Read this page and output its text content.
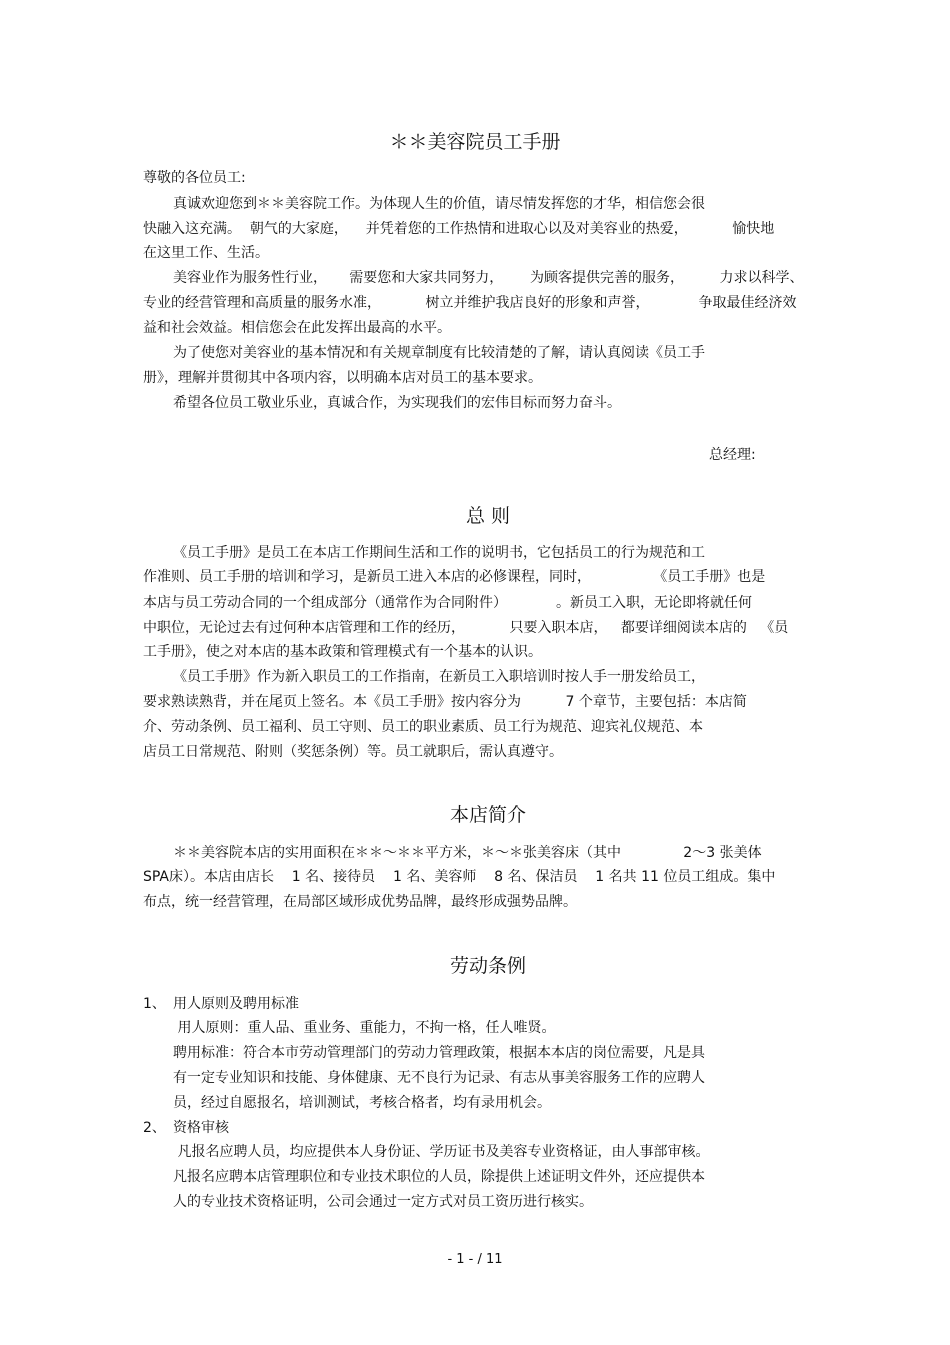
＊＊美容院员工手册
尊敬的各位员工:
真诚欢迎您到＊＊美容院工作。为体现人生的价值，请尽情发挥您的才华，相信您会很
快融入这充满。  朝气的大家庭，    并凭着您的工作热情和进取心以及对美容业的热爱，          愉快地
在这里工作、生活。
美容业作为服务性行业，     需要您和大家共同努力，      为顾客提供完善的服务，        力求以科学、
专业的经营管理和高质量的服务水准，          树立并维护我店良好的形象和声誉，           争取最佳经济效
益和社会效益。相信您会在此发挥出最高的水平。
为了使您对美容业的基本情况和有关规章制度有比较清楚的了解，请认真阅读《员工手
册》，理解并贯彻其中各项内容，以明确本店对员工的基本要求。
希望各位员工敬业乐业，真诚合作，为实现我们的宏伟目标而努力奋斗。
总经理:
总 则
《员工手册》是员工在本店工作期间生活和工作的说明书，它包括员工的行为规范和工
作准则、员工手册的培训和学习，是新员工进入本店的必修课程，同时，              《员工手册》也是
本店与员工劳动合同的一个组成部分（通常作为合同附件）           。新员工入职，无论即将就任何
中职位，无论过去有过何种本店管理和工作的经历，          只要入职本店，   都要详细阅读本店的   《员
工手册》，使之对本店的基本政策和管理模式有一个基本的认识。
《员工手册》作为新入职员工的工作指南，在新员工入职培训时按人手一册发给员工，
要求熟读熟背，并在尾页上签名。本《员工手册》按内容分为          7 个章节，主要包括：本店简
介、劳动条例、员工福利、员工守则、员工的职业素质、员工行为规范、迎宾礼仪规范、本
店员工日常规范、附则（奖惩条例）等。员工就职后，需认真遵守。
本店简介
＊＊美容院本店的实用面积在＊＊～＊＊平方米，＊～＊张美容床（其中              2～3 张美体
SPA床）。本店由店长    1 名、接待员    1 名、美容师    8 名、保洁员    1 名共 11 位员工组成。集中
布点，统一经营管理，在局部区域形成优势品牌，最终形成强势品牌。
劳动条例
1、 用人原则及聘用标准
用人原则：重人品、重业务、重能力，不拘一格，任人唯贤。
聘用标准：符合本市劳动管理部门的劳动力管理政策，根据本本店的岗位需要，凡是具
有一定专业知识和技能、身体健康、无不良行为记录、有志从事美容服务工作的应聘人
员，经过自愿报名，培训测试，考核合格者，均有录用机会。
2、 资格审核
凡报名应聘人员，均应提供本人身份证、学历证书及美容专业资格证，由人事部审核。
凡报名应聘本店管理职位和专业技术职位的人员，除提供上述证明文件外，还应提供本
人的专业技术资格证明，公司会通过一定方式对员工资历进行核实。
- 1 - / 11
